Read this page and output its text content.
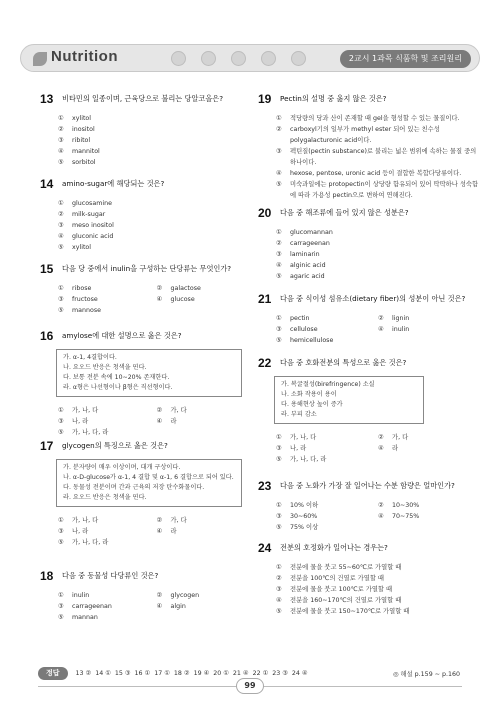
Nutrition	2교시 1과목 식품학 및 조리원리
13	비타민의 일종이며, 근육당으로 불리는 당알코올은?
①	xylitol
②	inositol
③	ribitol
④	mannitol
⑤	sorbitol
14	amino-sugar에 해당되는 것은?
①	glucosamine
②	milk-sugar
③	meso inositol
④	gluconic acid
⑤	xylitol
15	다음 당 중에서 inulin을 구성하는 단당류는 무엇인가?
①	ribose	②	galactose
③	fructose	④	glucose
⑤	mannose
16	amylose에 대한 설명으로 옳은 것은?
가. α-1, 4결합이다.
나. 요오드 반응은 청색을 띤다.
다. 보통 전분 속에 10∼20% 존재한다.
라. α형은 나선형이나 β형은 직선형이다.
①	가, 나, 다	②	가, 다
③	나, 라	④	라
⑤	가, 나, 다, 라
17	glycogen의 특징으로 옳은 것은?
가. 분자량이 매우 이상이며, 대개 구상이다.
나. α-D-glucose가 α-1, 4 결합 및 α-1, 6 결합으로 되어 있다.
다. 동물성 전분이며 간과 근육의 저장 탄수화물이다.
라. 요오드 반응은 청색을 띤다.
①	가, 나, 다	②	가, 다
③	나, 라	④	라
⑤	가, 나, 다, 라
18	다음 중 동물성 다당류인 것은?
①	inulin	②	glycogen
③	carrageenan	④	algin
⑤	mannan
19	Pectin의 설명 중 옳지 않은 것은?
①	적당량의 당과 산이 존재할 때 gel을 형성할 수 있는 물질이다.
②	carboxyl기의 일부가 methyl ester 되어 있는 친수성 polygalacturonic acid이다.
③	펙틴질(pectin substance)로 불리는 넓은 범위에 속하는 물질 중의 하나이다.
④	hexose, pentose, uronic acid 등이 결합한 복합다당류이다.
⑤	미숙과일에는 protopectin이 상당량 함유되어 있어 딱딱하나 성숙함에 따라 가용성 pectin으로 변하여 연해진다.
20	다음 중 해조류에 들어 있지 않은 성분은?
①	glucomannan
②	carrageenan
③	laminarin
④	alginic acid
⑤	agaric acid
21	다음 중 식이성 섬유소(dietary fiber)의 성분이 아닌 것은?
①	pectin	②	lignin
③	cellulose	④	inulin
⑤	hemicellulose
22	다음 중 호화전분의 특성으로 옳은 것은?
가. 복굴절성(birefringence) 소실
나. 소화 작용이 용이
다. 용해현상 높이 증가
라. 부피 감소
①	가, 나, 다	②	가, 다
③	나, 라	④	라
⑤	가, 나, 다, 라
23	다음 중 노화가 가장 잘 일어나는 수분 함량은 얼마인가?
①	10% 이하	②	10∼30%
③	30∼60%	④	70∼75%
⑤	75% 이상
24	전분의 호정화가 일어나는 경우는?
①	전분에 물을 붓고 55∼60℃로 가열할 때
②	전분을 100℃의 건열로 가열할 때
③	전분에 물을 붓고 100℃로 가열할 때
④	전분을 160∼170℃의 건열로 가열할 때
⑤	전분에 물을 붓고 150∼170℃로 가열할 때
정답	13 ② 14 ① 15 ③ 16 ① 17 ① 18 ② 19 ④ 20 ① 21 ④ 22 ① 23 ③ 24 ④	◎ 해설 p.159 ∼ p.160
99
